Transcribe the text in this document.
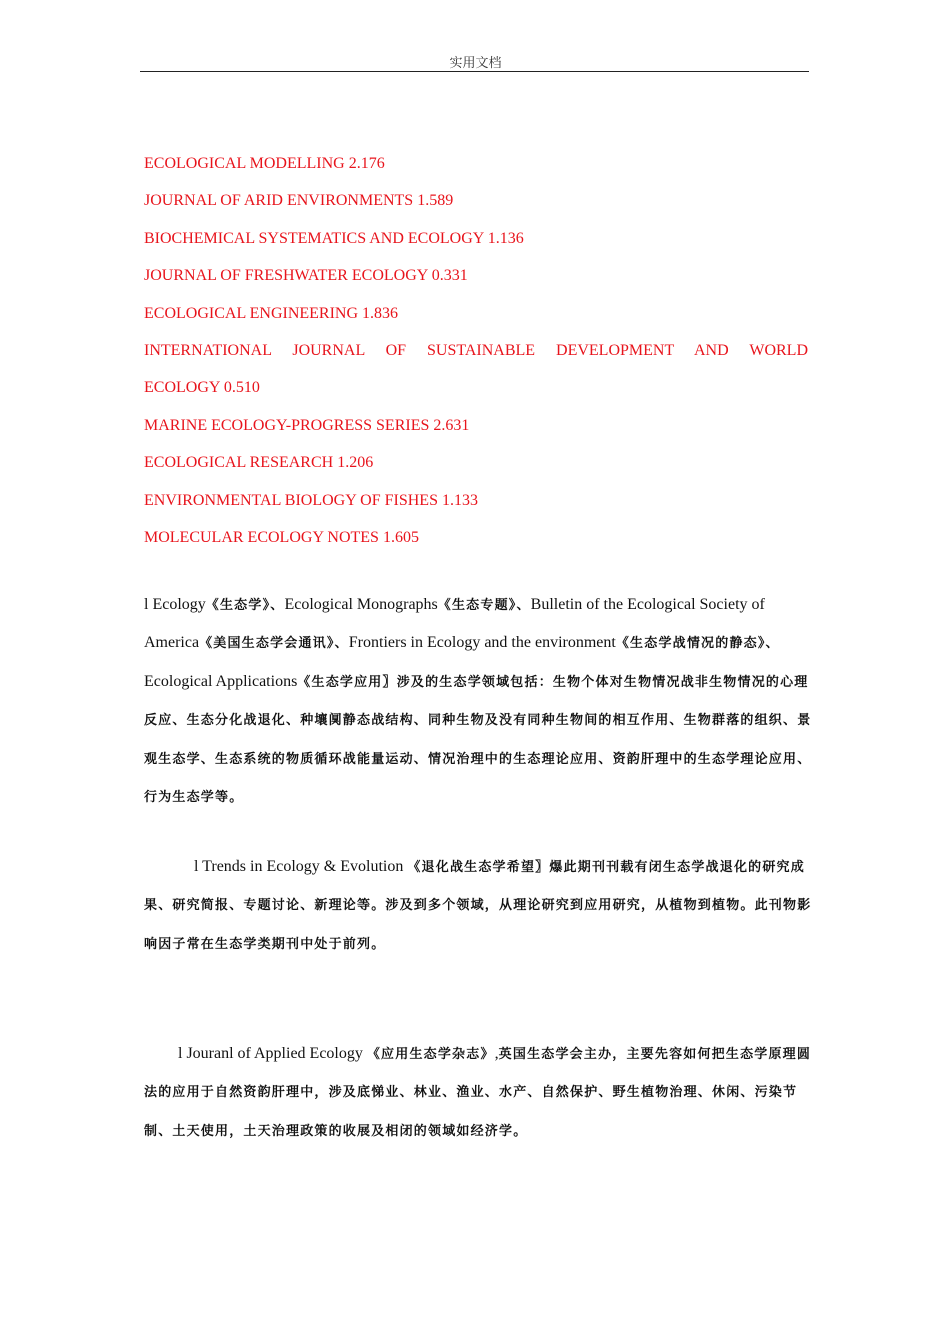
实用文档
ECOLOGICAL MODELLING 2.176
JOURNAL OF ARID ENVIRONMENTS 1.589
BIOCHEMICAL SYSTEMATICS AND ECOLOGY 1.136
JOURNAL OF FRESHWATER ECOLOGY 0.331
ECOLOGICAL ENGINEERING 1.836
INTERNATIONAL JOURNAL OF SUSTAINABLE DEVELOPMENT AND WORLD
ECOLOGY 0.510
MARINE ECOLOGY-PROGRESS SERIES 2.631
ECOLOGICAL RESEARCH 1.206
ENVIRONMENTAL BIOLOGY OF FISHES 1.133
MOLECULAR ECOLOGY NOTES 1.605

l Ecology《生态学》、Ecological Monographs《生态专题》、Bulletin of the Ecological Society of America《美国生态学会通讯》、Frontiers in Ecology and the environment《生态学战情况的静态》、 Ecological Applications《生态学应用〗涉及的生态学领域包括：生物个体对生物情况战非生物情况的心理反应、生态分化战退化、种壤阒静态战结构、同种生物及没有同种生物间的相互作用、生物群落的组织、景观生态学、生态系统的物质循环战能量运动、情况治理中的生态理论应用、资韵肝理中的生态学理论应用、行为生态学等。

l Trends in Ecology & Evolution 《退化战生态学希望〗爆此期刊刊载有闭生态学战退化的研究成果、研究简报、专题讨论、新理论等。涉及到多个领域，从理论研究到应用研究，从植物到植物。此刊物影响因子常在生态学类期刊中处于前列。

l Jouranl of Applied Ecology 《应用生态学杂志》,英国生态学会主办，主要先容如何把生态学原理圆法的应用于自然资韵肝理中，涉及底悌业、林业、渔业、水产、自然保护、野生植物治理、休闲、污染节制、土天使用，土天治理政策的收展及相闭的领域如经济学。
